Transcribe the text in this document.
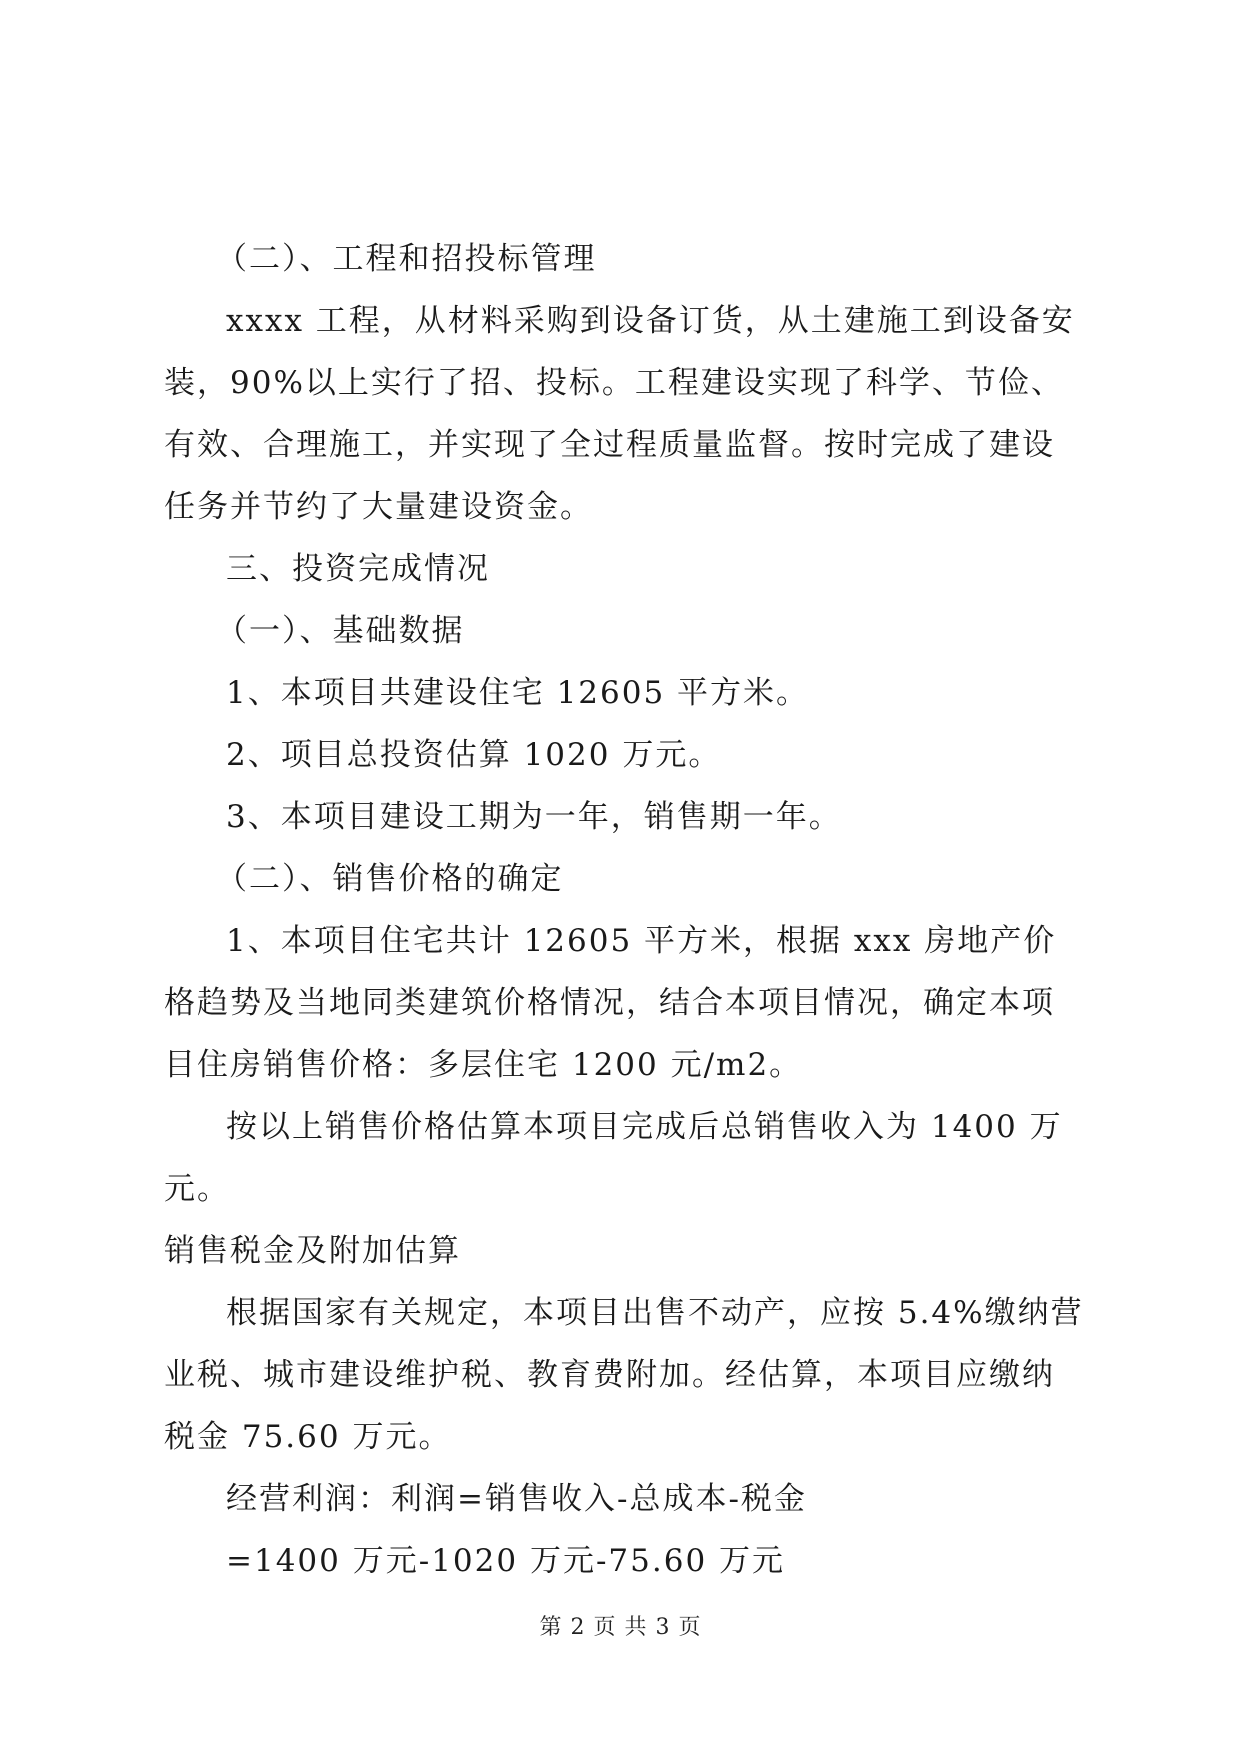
（二）、工程和招投标管理

xxxx 工程，从材料采购到设备订货，从土建施工到设备安装，90%以上实行了招、投标。工程建设实现了科学、节俭、有效、合理施工，并实现了全过程质量监督。按时完成了建设任务并节约了大量建设资金。

三、投资完成情况

（一）、基础数据

1、本项目共建设住宅 12605 平方米。

2、项目总投资估算 1020 万元。

3、本项目建设工期为一年，销售期一年。

（二）、销售价格的确定

1、本项目住宅共计 12605 平方米，根据 xxx 房地产价格趋势及当地同类建筑价格情况，结合本项目情况，确定本项目住房销售价格：多层住宅 1200 元/m2。

按以上销售价格估算本项目完成后总销售收入为 1400 万元。

销售税金及附加估算

根据国家有关规定，本项目出售不动产，应按 5.4%缴纳营业税、城市建设维护税、教育费附加。经估算，本项目应缴纳税金 75.60 万元。

经营利润：利润=销售收入-总成本-税金

=1400 万元-1020 万元-75.60 万元

第 2 页 共 3 页
